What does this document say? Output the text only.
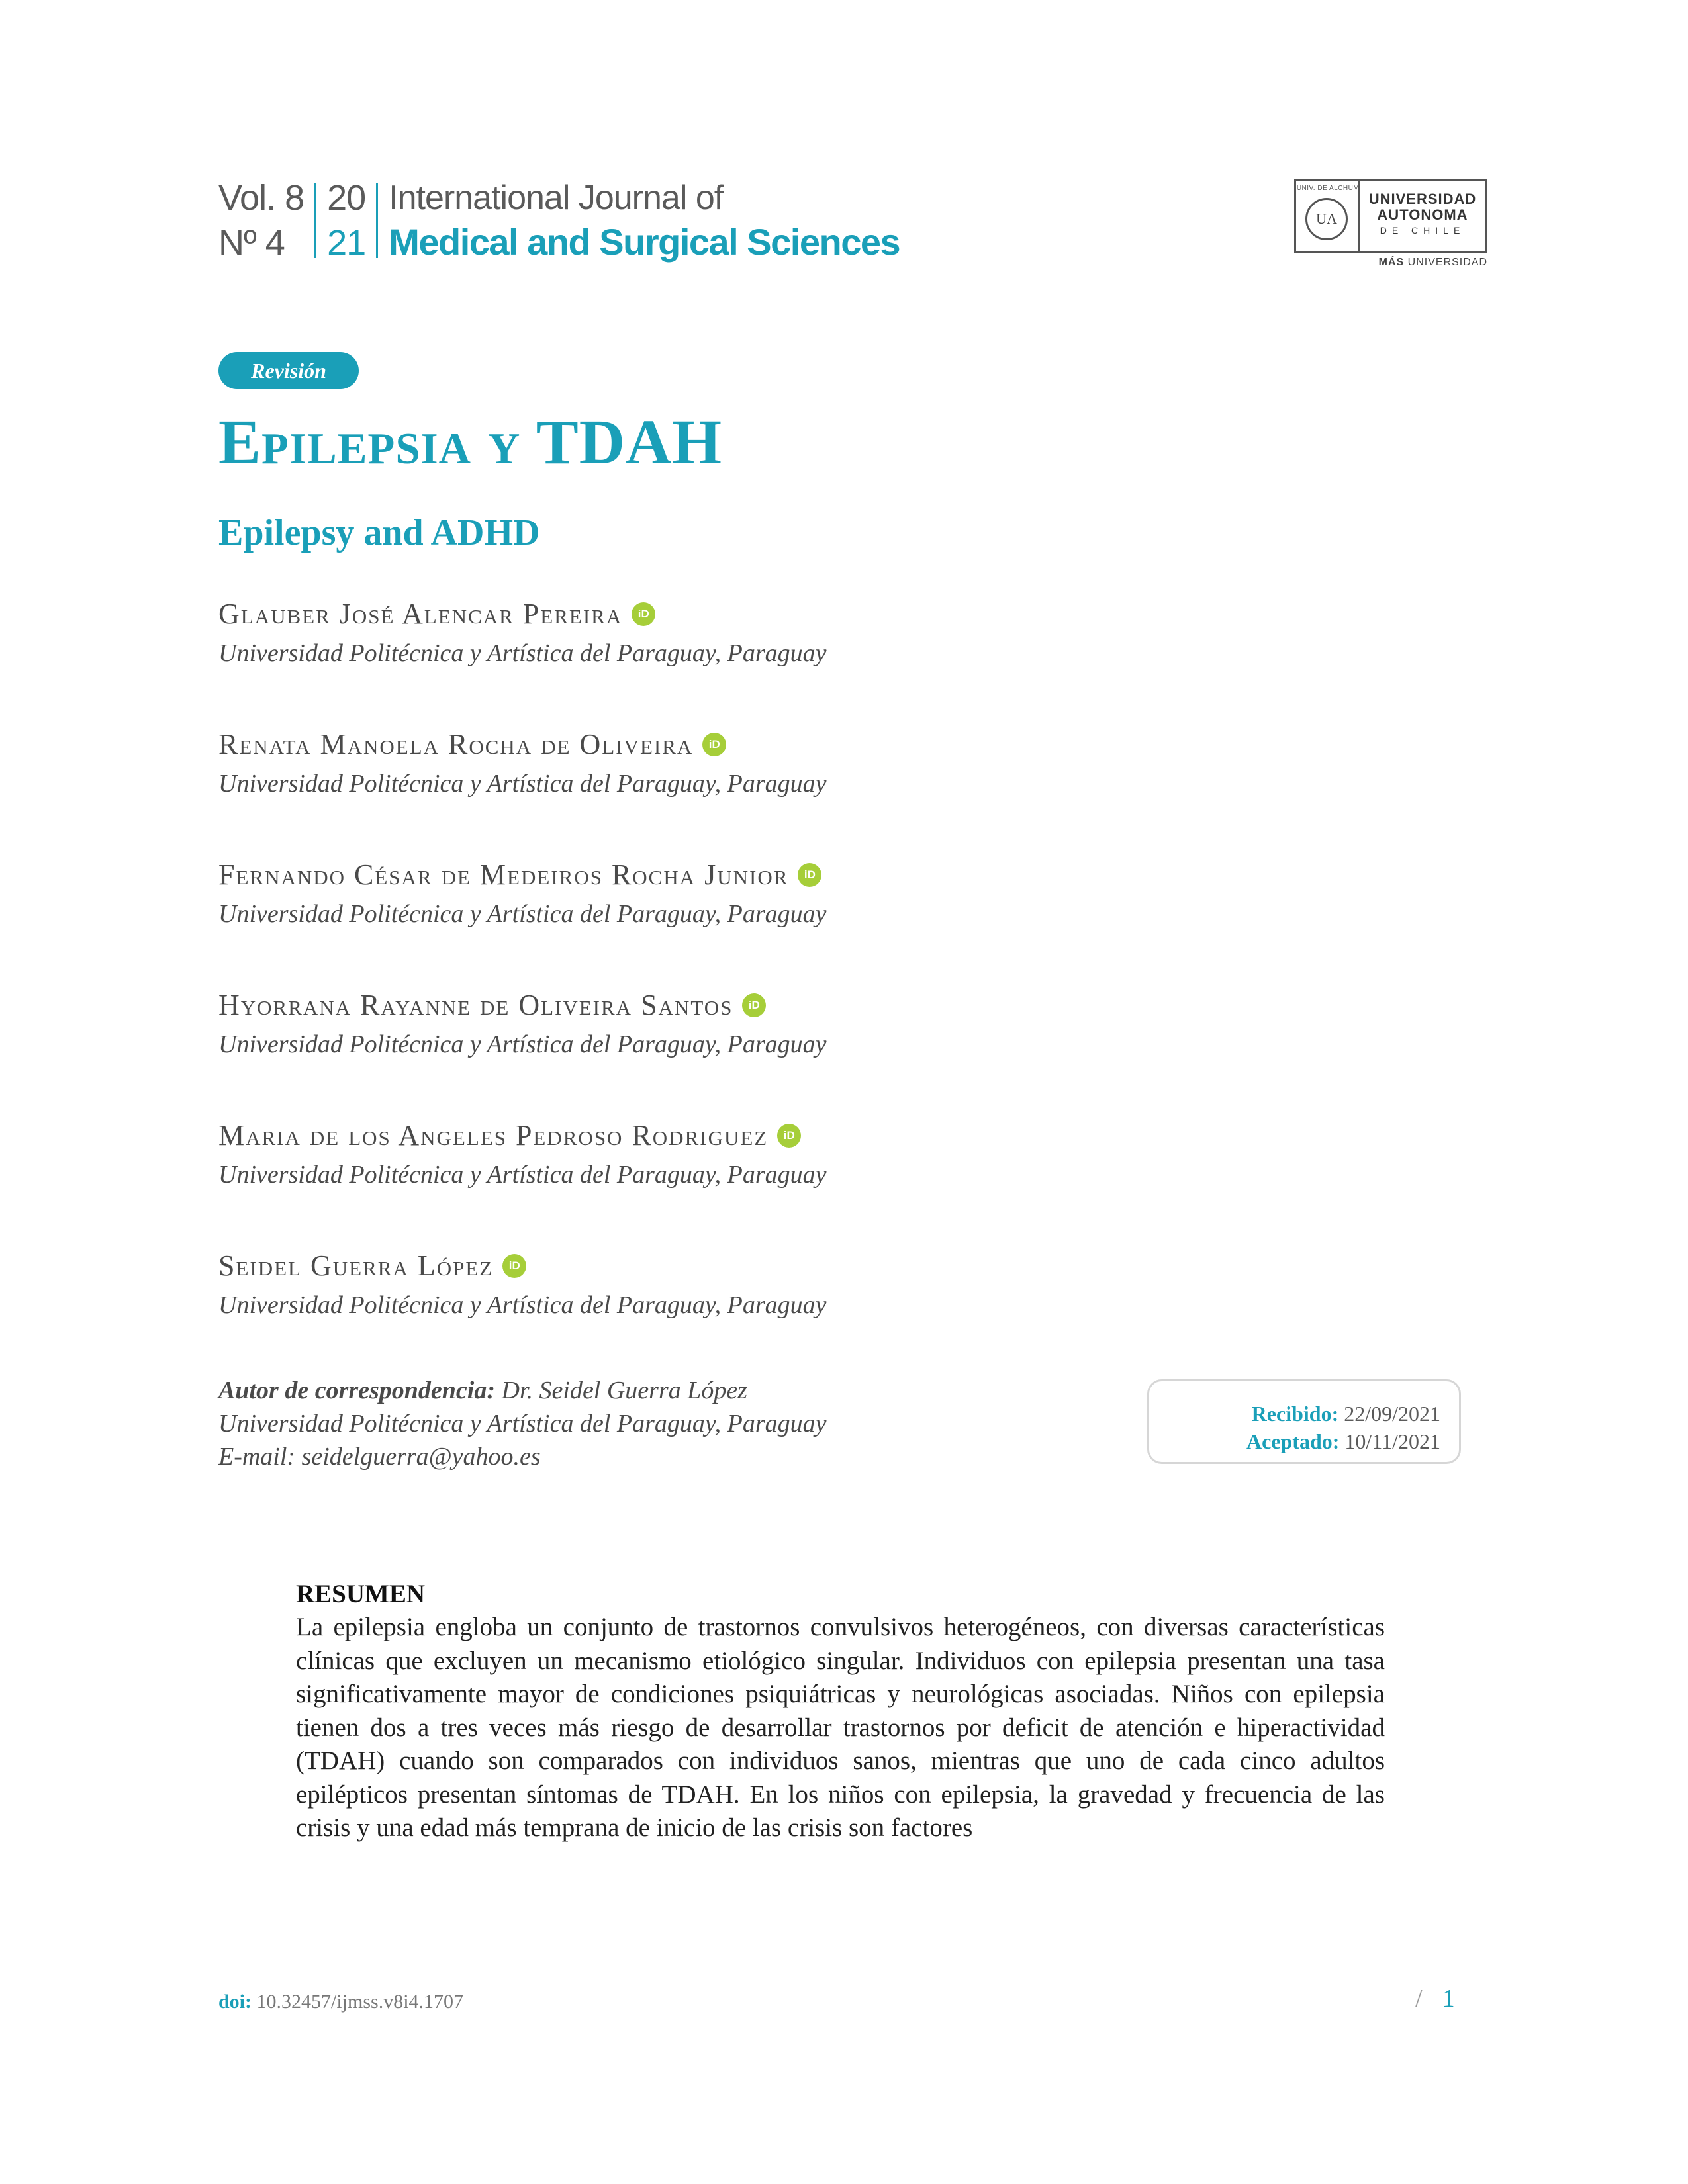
Vol. 8
Nº 4
20
21
International Journal of
Medical and Surgical Sciences
UNIV. DE ALCHUM
UA
UNIVERSIDAD
AUTONOMA
DE CHILE
MÁS UNIVERSIDAD
Revisión
Epilepsia y TDAH
Epilepsy and ADHD
Glauber José Alencar Pereira	iD
Universidad Politécnica y Artística del Paraguay, Paraguay
Renata Manoela Rocha de Oliveira	iD
Universidad Politécnica y Artística del Paraguay, Paraguay
Fernando César de Medeiros Rocha Junior	iD
Universidad Politécnica y Artística del Paraguay, Paraguay
Hyorrana Rayanne de Oliveira Santos	iD
Universidad Politécnica y Artística del Paraguay, Paraguay
Maria de los Angeles Pedroso Rodriguez	iD
Universidad Politécnica y Artística del Paraguay, Paraguay
Seidel Guerra López	iD
Universidad Politécnica y Artística del Paraguay, Paraguay
Autor de correspondencia: Dr. Seidel Guerra López
Universidad Politécnica y Artística del Paraguay, Paraguay
E-mail: seidelguerra@yahoo.es
Recibido: 22/09/2021
Aceptado: 10/11/2021
RESUMEN
La epilepsia engloba un conjunto de trastornos convulsivos heterogéneos, con diversas características clínicas que excluyen un mecanismo etiológico singular. Individuos con epilepsia presentan una tasa significativamente mayor de condiciones psiquiátricas y neurológicas asociadas. Niños con epilepsia tienen dos a tres veces más riesgo de desarrollar trastornos por deficit de atención e hiperactividad (TDAH) cuando son comparados con individuos sanos, mientras que uno de cada cinco adultos epilépticos presentan síntomas de TDAH. En los niños con epilepsia, la gravedad y frecuencia de las crisis y una edad más temprana de inicio de las crisis son factores
doi: 10.32457/ijmss.v8i4.1707	/ 1
